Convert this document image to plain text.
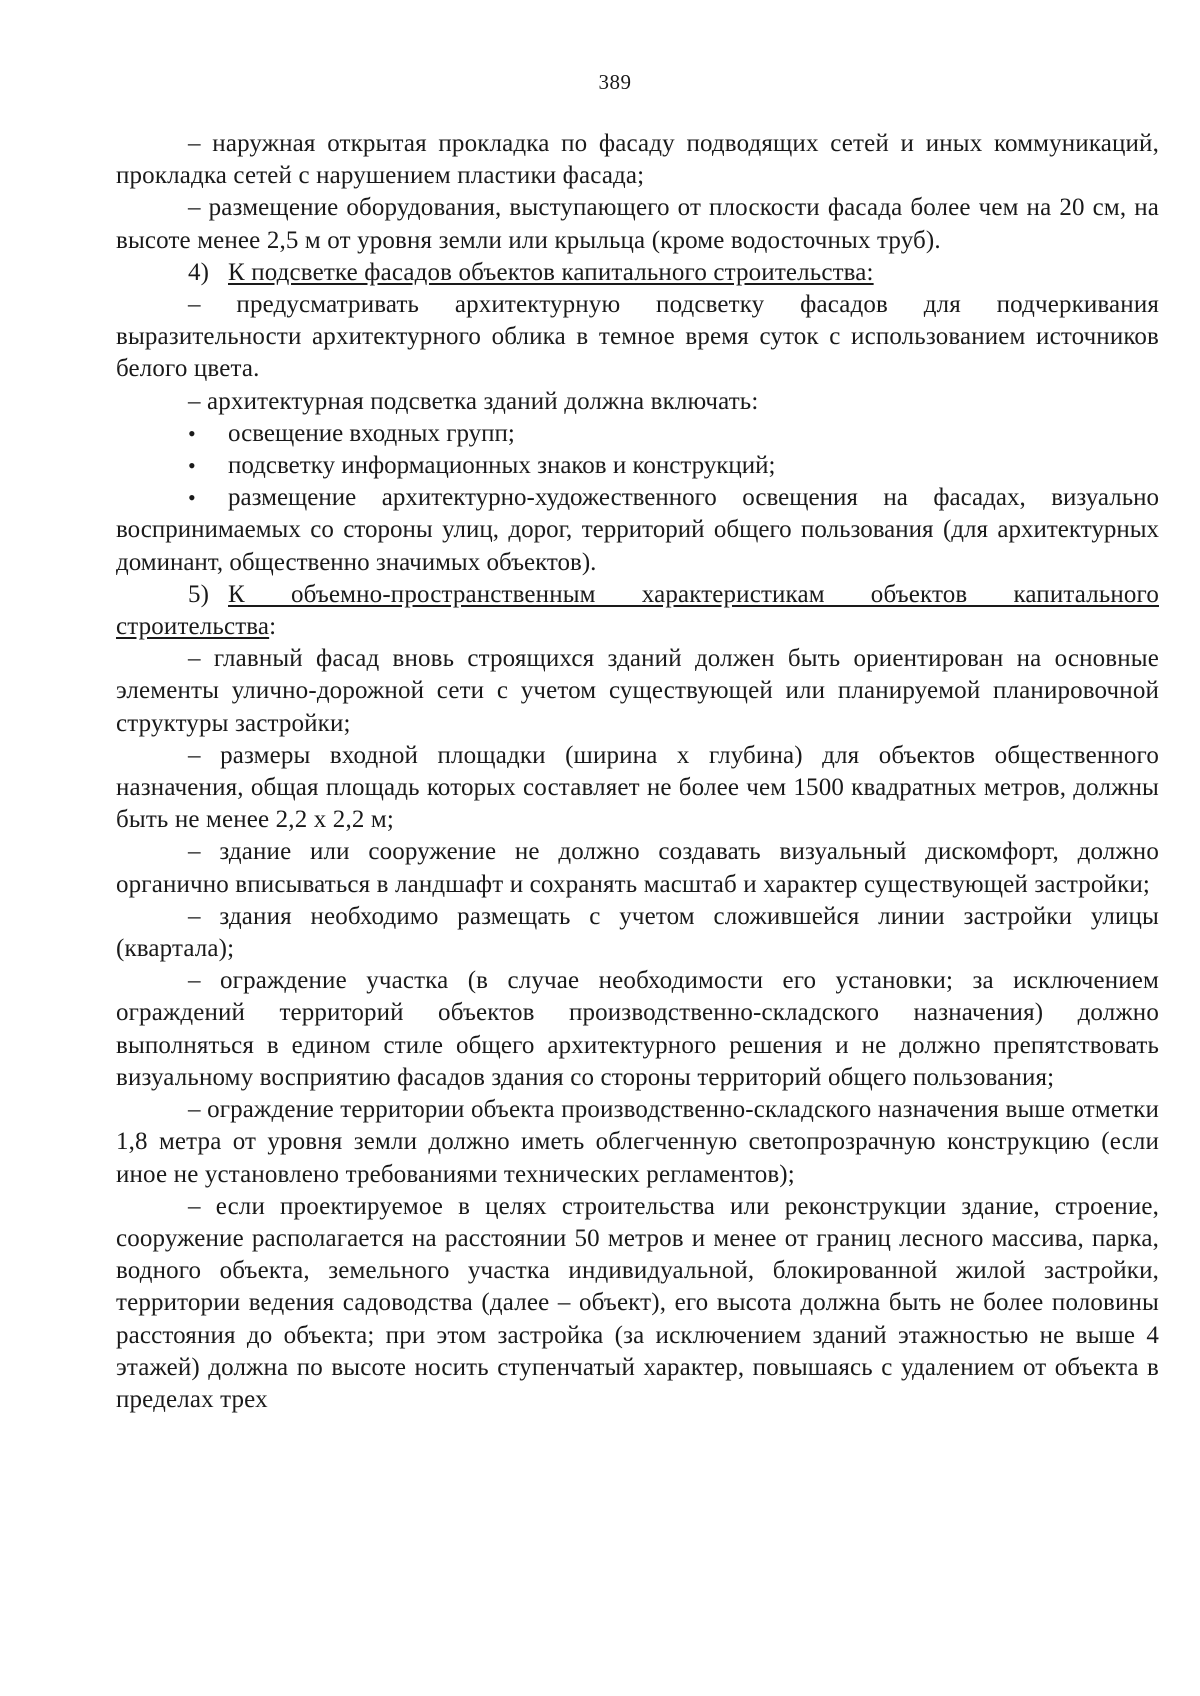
389

– наружная открытая прокладка по фасаду подводящих сетей и иных коммуникаций, прокладка сетей с нарушением пластики фасада;

– размещение оборудования, выступающего от плоскости фасада более чем на 20 см, на высоте менее 2,5 м от уровня земли или крыльца (кроме водосточных труб).

4) К подсветке фасадов объектов капитального строительства:

– предусматривать архитектурную подсветку фасадов для подчеркивания выразительности архитектурного облика в темное время суток с использованием источников белого цвета.

– архитектурная подсветка зданий должна включать:

• освещение входных групп;

• подсветку информационных знаков и конструкций;

• размещение архитектурно-художественного освещения на фасадах, визуально воспринимаемых со стороны улиц, дорог, территорий общего пользования (для архитектурных доминант, общественно значимых объектов).

5) К объемно-пространственным характеристикам объектов капитального строительства:

– главный фасад вновь строящихся зданий должен быть ориентирован на основные элементы улично-дорожной сети с учетом существующей или планируемой планировочной структуры застройки;

– размеры входной площадки (ширина х глубина) для объектов общественного назначения, общая площадь которых составляет не более чем 1500 квадратных метров, должны быть не менее 2,2 х 2,2 м;

– здание или сооружение не должно создавать визуальный дискомфорт, должно органично вписываться в ландшафт и сохранять масштаб и характер существующей застройки;

– здания необходимо размещать с учетом сложившейся линии застройки улицы (квартала);

– ограждение участка (в случае необходимости его установки; за исключением ограждений территорий объектов производственно-складского назначения) должно выполняться в едином стиле общего архитектурного решения и не должно препятствовать визуальному восприятию фасадов здания со стороны территорий общего пользования;

– ограждение территории объекта производственно-складского назначения выше отметки 1,8 метра от уровня земли должно иметь облегченную светопрозрачную конструкцию (если иное не установлено требованиями технических регламентов);

– если проектируемое в целях строительства или реконструкции здание, строение, сооружение располагается на расстоянии 50 метров и менее от границ лесного массива, парка, водного объекта, земельного участка индивидуальной, блокированной жилой застройки, территории ведения садоводства (далее – объект), его высота должна быть не более половины расстояния до объекта; при этом застройка (за исключением зданий этажностью не выше 4 этажей) должна по высоте носить ступенчатый характер, повышаясь с удалением от объекта в пределах трех
